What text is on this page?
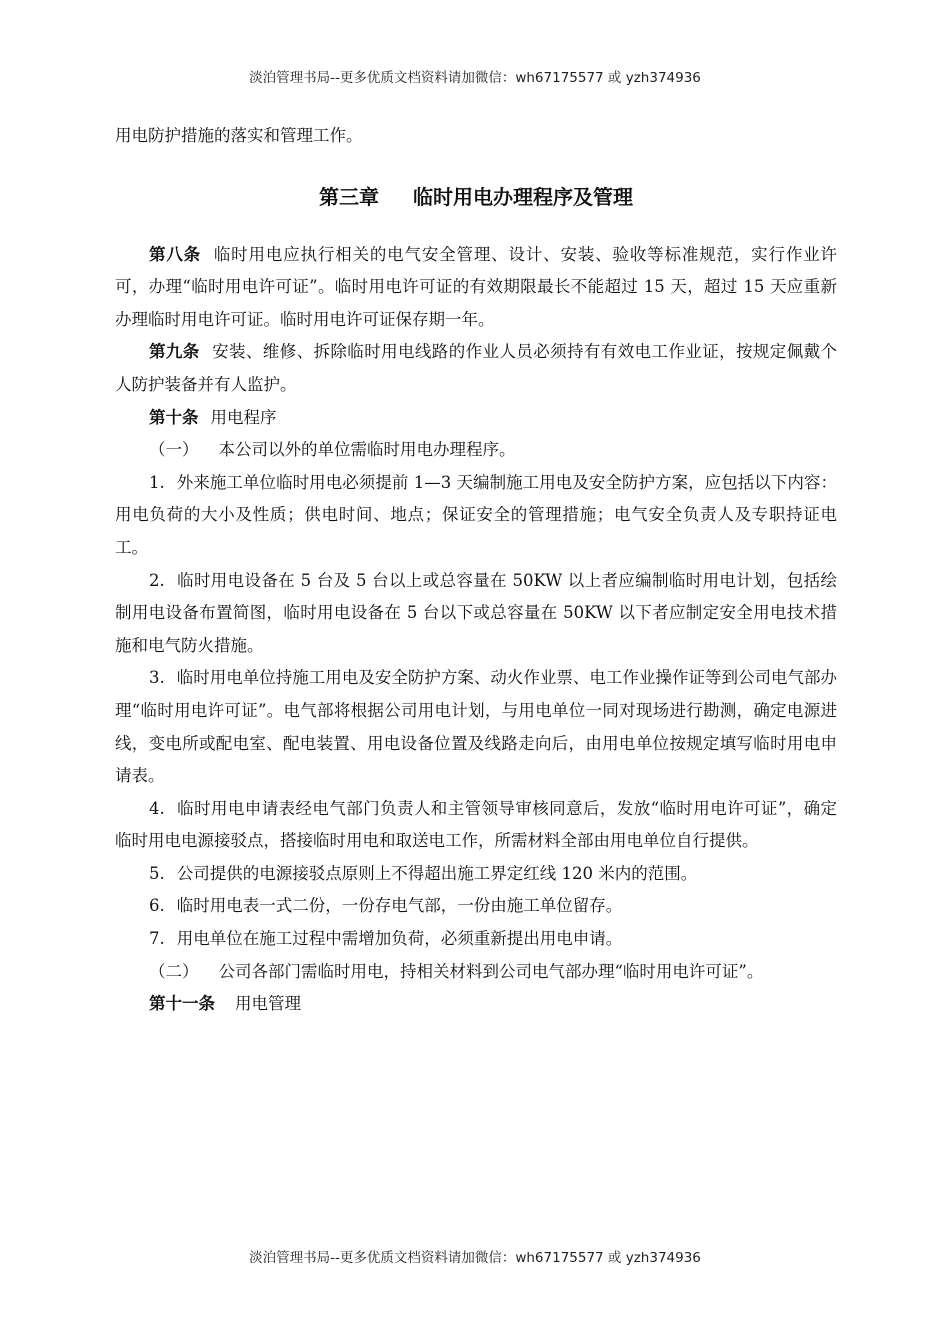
淡泊管理书局--更多优质文档资料请加微信：wh67175577 或 yzh374936

用电防护措施的落实和管理工作。

第三章 临时用电办理程序及管理

第八条 临时用电应执行相关的电气安全管理、设计、安装、验收等标准规范，实行作业许可，办理“临时用电许可证”。临时用电许可证的有效期限最长不能超过 15 天，超过 15 天应重新办理临时用电许可证。临时用电许可证保存期一年。

第九条 安装、维修、拆除临时用电线路的作业人员必须持有有效电工作业证，按规定佩戴个人防护装备并有人监护。

第十条 用电程序

（一） 本公司以外的单位需临时用电办理程序。

1. 外来施工单位临时用电必须提前 1—3 天编制施工用电及安全防护方案，应包括以下内容：用电负荷的大小及性质；供电时间、地点；保证安全的管理措施；电气安全负责人及专职持证电工。

2. 临时用电设备在 5 台及 5 台以上或总容量在 50KW 以上者应编制临时用电计划，包括绘制用电设备布置简图，临时用电设备在 5 台以下或总容量在 50KW 以下者应制定安全用电技术措施和电气防火措施。

3. 临时用电单位持施工用电及安全防护方案、动火作业票、电工作业操作证等到公司电气部办理“临时用电许可证”。电气部将根据公司用电计划，与用电单位一同对现场进行勘测，确定电源进线，变电所或配电室、配电装置、用电设备位置及线路走向后，由用电单位按规定填写临时用电申请表。

4. 临时用电申请表经电气部门负责人和主管领导审核同意后，发放“临时用电许可证”，确定临时用电电源接驳点，搭接临时用电和取送电工作，所需材料全部由用电单位自行提供。

5. 公司提供的电源接驳点原则上不得超出施工界定红线 120 米内的范围。

6. 临时用电表一式二份，一份存电气部，一份由施工单位留存。

7. 用电单位在施工过程中需增加负荷，必须重新提出用电申请。

（二） 公司各部门需临时用电，持相关材料到公司电气部办理“临时用电许可证”。

第十一条 用电管理

淡泊管理书局--更多优质文档资料请加微信：wh67175577 或 yzh374936
